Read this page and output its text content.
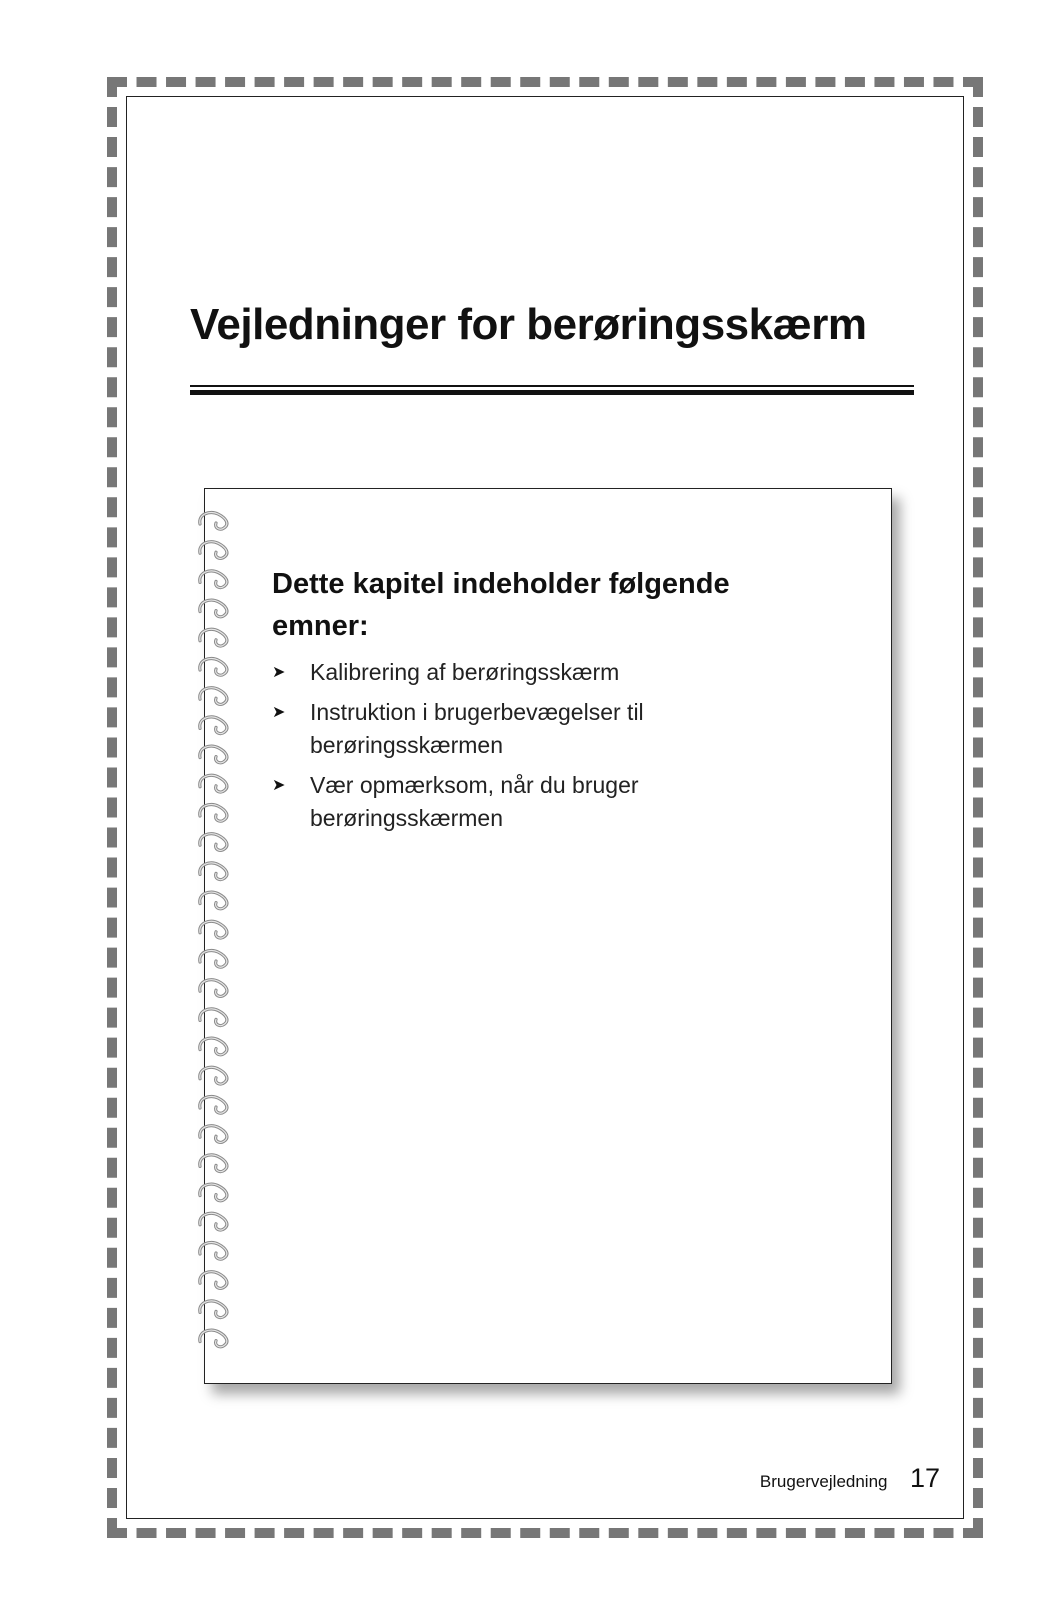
Vejledninger for berøringsskærm
Dette kapitel indeholder følgende emner:
➤ Kalibrering af berøringsskærm
➤ Instruktion i brugerbevægelser til berøringsskærmen
➤ Vær opmærksom, når du bruger berøringsskærmen
Brugervejledning 17
